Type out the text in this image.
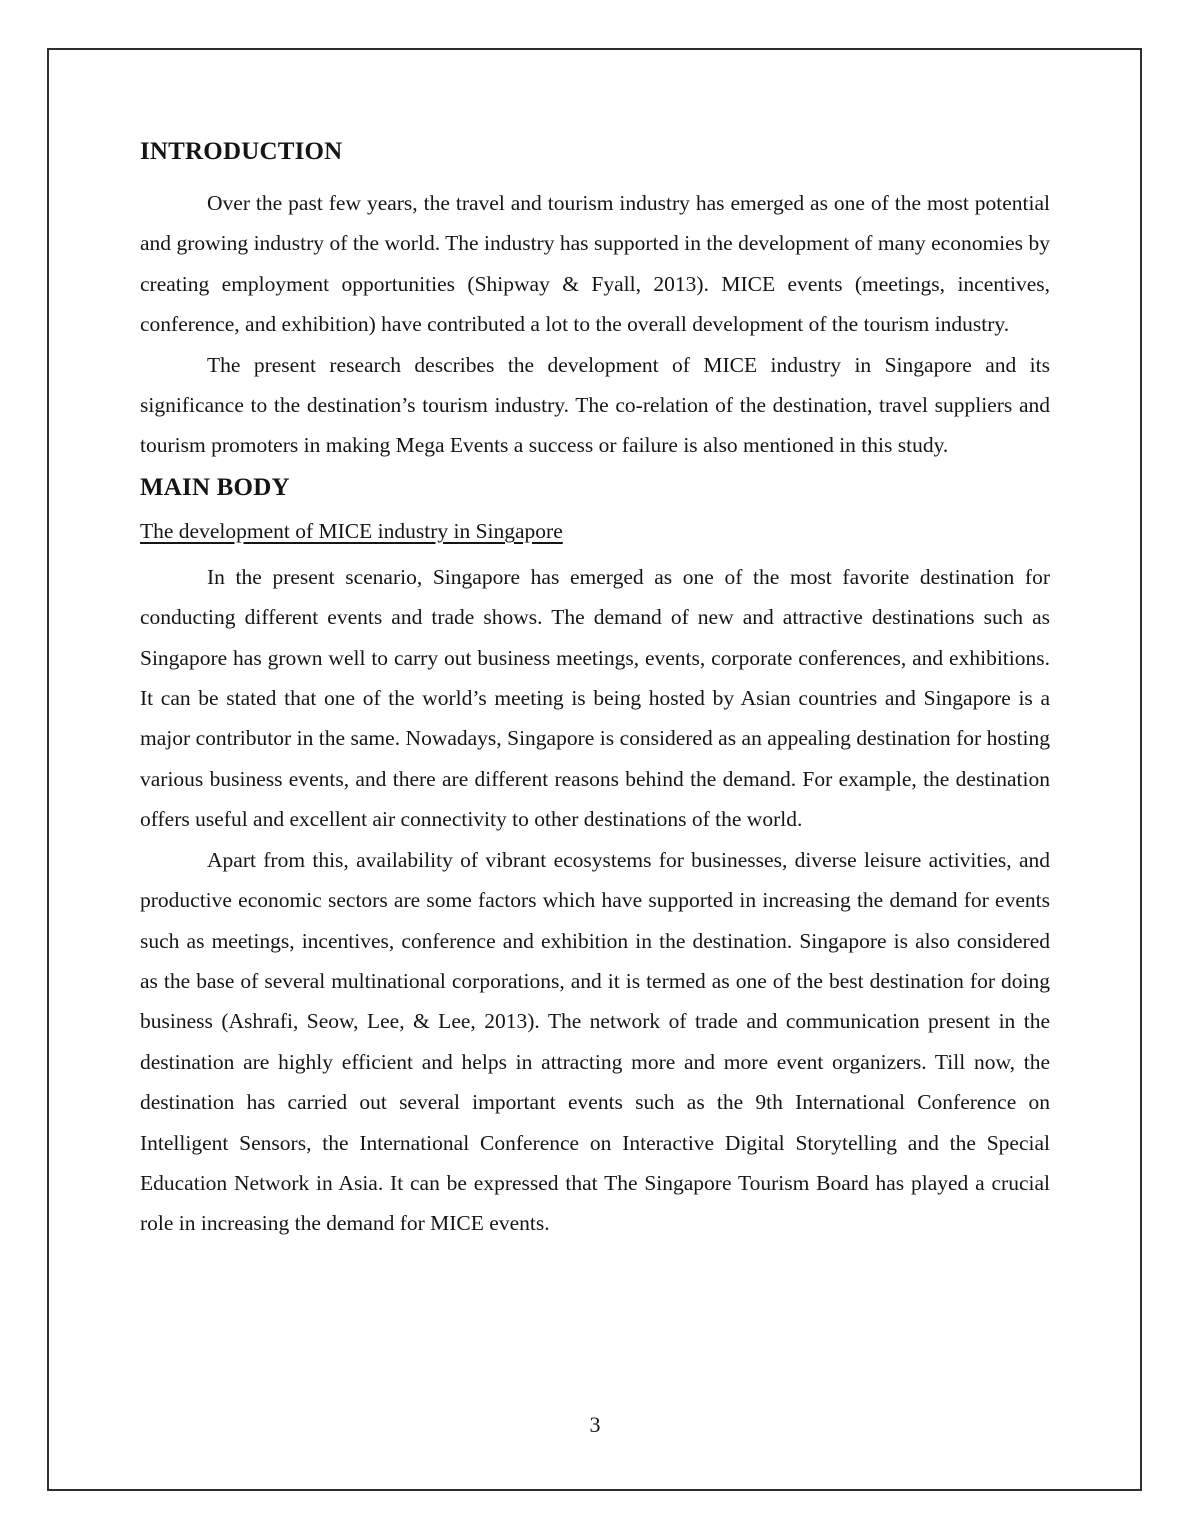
INTRODUCTION

Over the past few years, the travel and tourism industry has emerged as one of the most potential and growing industry of the world. The industry has supported in the development of many economies by creating employment opportunities (Shipway & Fyall, 2013). MICE events (meetings, incentives, conference, and exhibition) have contributed a lot to the overall development of the tourism industry.

The present research describes the development of MICE industry in Singapore and its significance to the destination’s tourism industry. The co-relation of the destination, travel suppliers and tourism promoters in making Mega Events a success or failure is also mentioned in this study.

MAIN BODY
The development of MICE industry in Singapore

In the present scenario, Singapore has emerged as one of the most favorite destination for conducting different events and trade shows. The demand of new and attractive destinations such as Singapore has grown well to carry out business meetings, events, corporate conferences, and exhibitions. It can be stated that one of the world’s meeting is being hosted by Asian countries and Singapore is a major contributor in the same. Nowadays, Singapore is considered as an appealing destination for hosting various business events, and there are different reasons behind the demand. For example, the destination offers useful and excellent air connectivity to other destinations of the world.

Apart from this, availability of vibrant ecosystems for businesses, diverse leisure activities, and productive economic sectors are some factors which have supported in increasing the demand for events such as meetings, incentives, conference and exhibition in the destination. Singapore is also considered as the base of several multinational corporations, and it is termed as one of the best destination for doing business (Ashrafi, Seow, Lee, & Lee, 2013). The network of trade and communication present in the destination are highly efficient and helps in attracting more and more event organizers. Till now, the destination has carried out several important events such as the 9th International Conference on Intelligent Sensors, the International Conference on Interactive Digital Storytelling and the Special Education Network in Asia. It can be expressed that The Singapore Tourism Board has played a crucial role in increasing the demand for MICE events.

3
